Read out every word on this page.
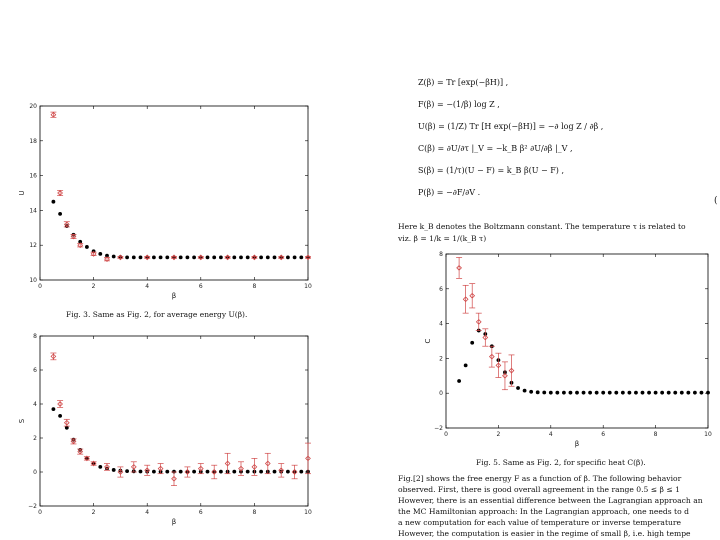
0	2	4	6	8	10
10
12
14
16
18
20
β
U
Fig. 3. Same as Fig. 2, for average energy U(β).
0	2	4	6	8	10
−2
0
2
4
6
8
β
S
Z(β) = Tr [exp(−βH)] ,
F(β) = −(1/β) log Z ,
U(β) = (1/Z) Tr [H exp(−βH)] = −∂ log Z / ∂β ,
C(β) = ∂U/∂τ |_V = −k_B β² ∂U/∂β |_V ,
S(β) = (1/τ)(U − F) = k_B β(U − F) ,
P(β) = −∂F/∂V .
(
Here k_B denotes the Boltzmann constant. The temperature τ is related to
viz. β = 1/k = 1/(k_B τ)
0	2	4	6	8	10
−2
0
2
4
6
8
β
C
Fig. 5. Same as Fig. 2, for specific heat C(β).
Fig.[2] shows the free energy F as a function of β. The following behavior
observed. First, there is good overall agreement in the range 0.5 ≤ β ≤ 1
However, there is an essential difference between the Lagrangian approach an
the MC Hamiltonian approach: In the Lagrangian approach, one needs to d
a new computation for each value of temperature or inverse temperature
However, the computation is easier in the regime of small β, i.e. high tempe
